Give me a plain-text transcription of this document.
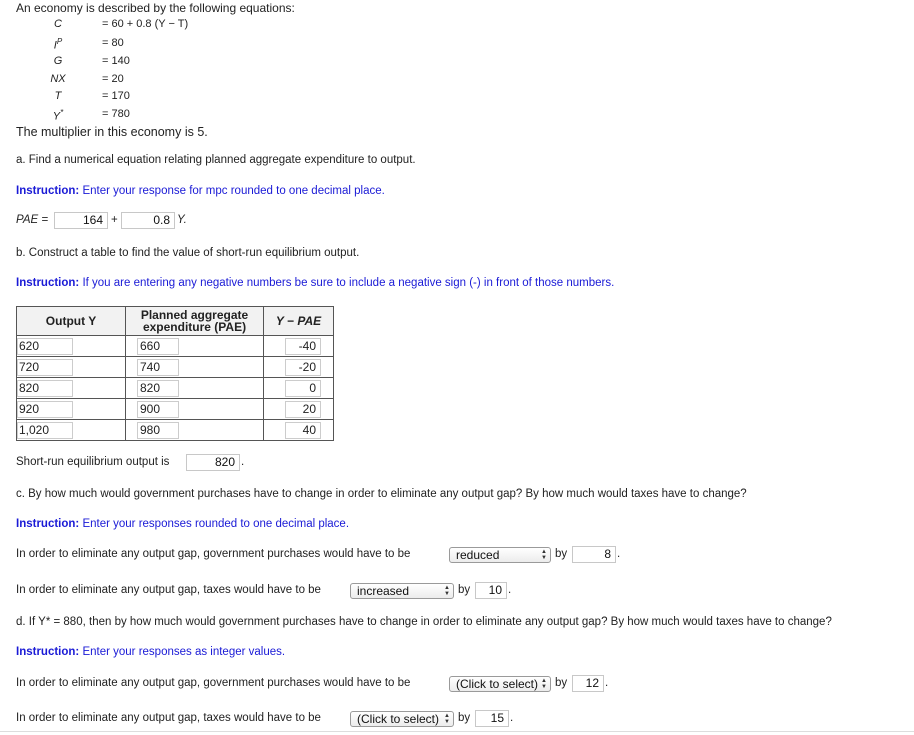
An economy is described by the following equations:
C	= 60 + 0.8 (Y − T)
$I^P$	= 80
G	= 140
NX	= 20
T	= 170
Y*	= 780
The multiplier in this economy is 5.
a. Find a numerical equation relating planned aggregate expenditure to output.
Instruction: Enter your response for mpc rounded to one decimal place.
PAE =	164 +	0.8 Y.
b. Construct a table to find the value of short-run equilibrium output.
Instruction: If you are entering any negative numbers be sure to include a negative sign (-) in front of those numbers.
Output Y	Planned aggregate expenditure (PAE)	Y − PAE
620	660	-40
720	740	-20
820	820	0
920	900	20
1,020	980	40
Short-run equilibrium output is	820 .
c. By how much would government purchases have to change in order to eliminate any output gap? By how much would taxes have to change?
Instruction: Enter your responses rounded to one decimal place.
In order to eliminate any output gap, government purchases would have to be	reduced	▲︎
▼︎ by	8 .
In order to eliminate any output gap, taxes would have to be	increased	▲︎
▼︎ by	10 .
d. If Y* = 880, then by how much would government purchases have to change in order to eliminate any output gap? By how much would taxes have to change?
Instruction: Enter your responses as integer values.
In order to eliminate any output gap, government purchases would have to be	(Click to select) ▲︎
▼︎ by	12 .
In order to eliminate any output gap, taxes would have to be	(Click to select) ▲︎
▼︎ by	15 .
